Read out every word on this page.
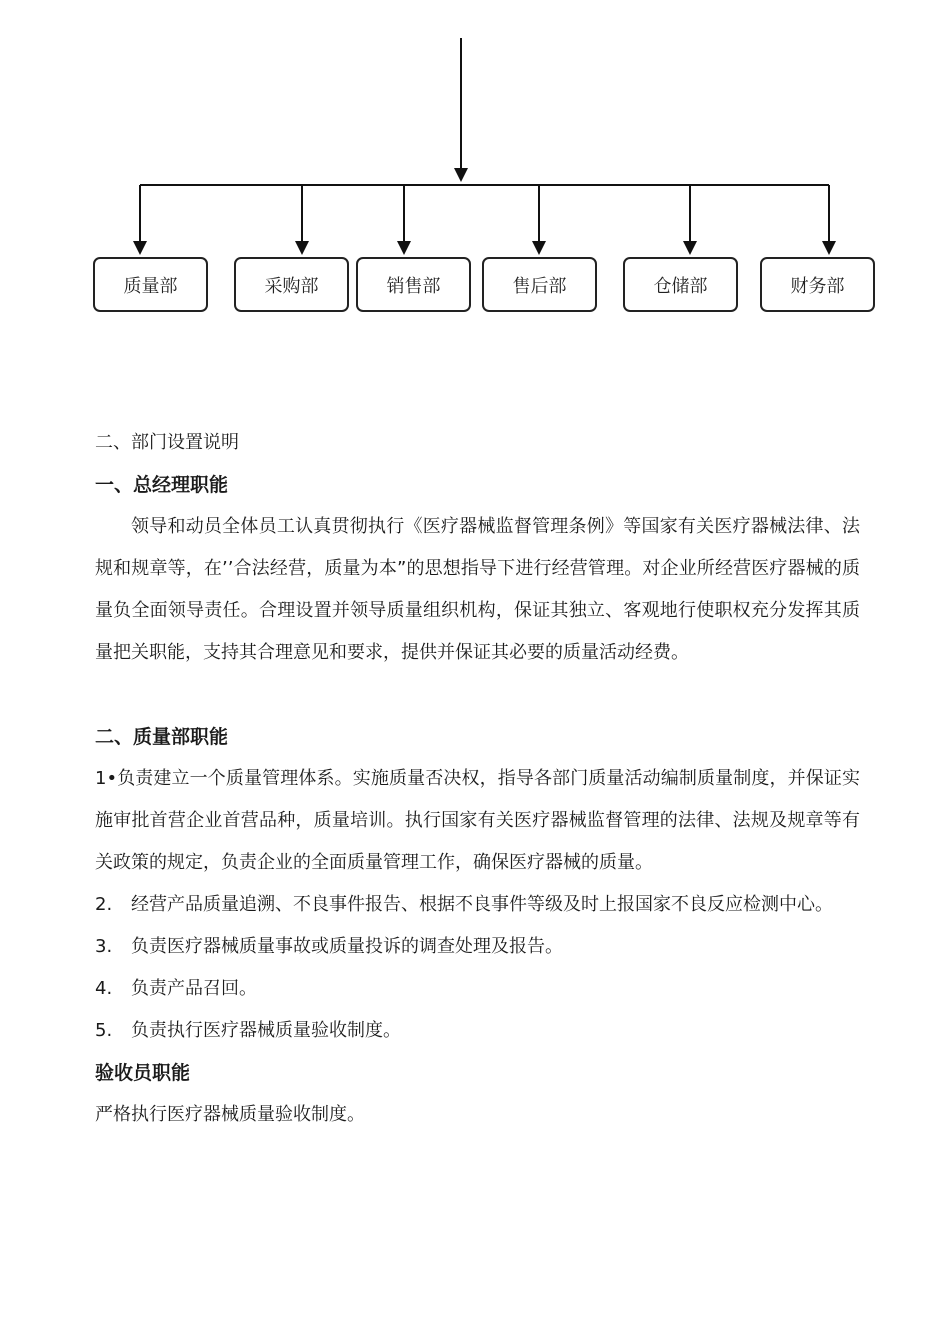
质量部	采购部	销售部	售后部	仓储部	财务部

二、部门设置说明

一、总经理职能

领导和动员全体员工认真贯彻执行《医疗器械监督管理条例》等国家有关医疗器械法律、法规和规章等，在’’合法经营，质量为本”的思想指导下进行经营管理。对企业所经营医疗器械的质量负全面领导责任。合理设置并领导质量组织机构，保证其独立、客观地行使职权充分发挥其质量把关职能，支持其合理意见和要求，提供并保证其必要的质量活动经费。

二、质量部职能

1•负责建立一个质量管理体系。实施质量否决权，指导各部门质量活动编制质量制度，并保证实施审批首营企业首营品种，质量培训。执行国家有关医疗器械监督管理的法律、法规及规章等有关政策的规定，负责企业的全面质量管理工作，确保医疗器械的质量。

2. 经营产品质量追溯、不良事件报告、根据不良事件等级及时上报国家不良反应检测中心。

3. 负责医疗器械质量事故或质量投诉的调查处理及报告。

4. 负责产品召回。

5. 负责执行医疗器械质量验收制度。

验收员职能

严格执行医疗器械质量验收制度。
